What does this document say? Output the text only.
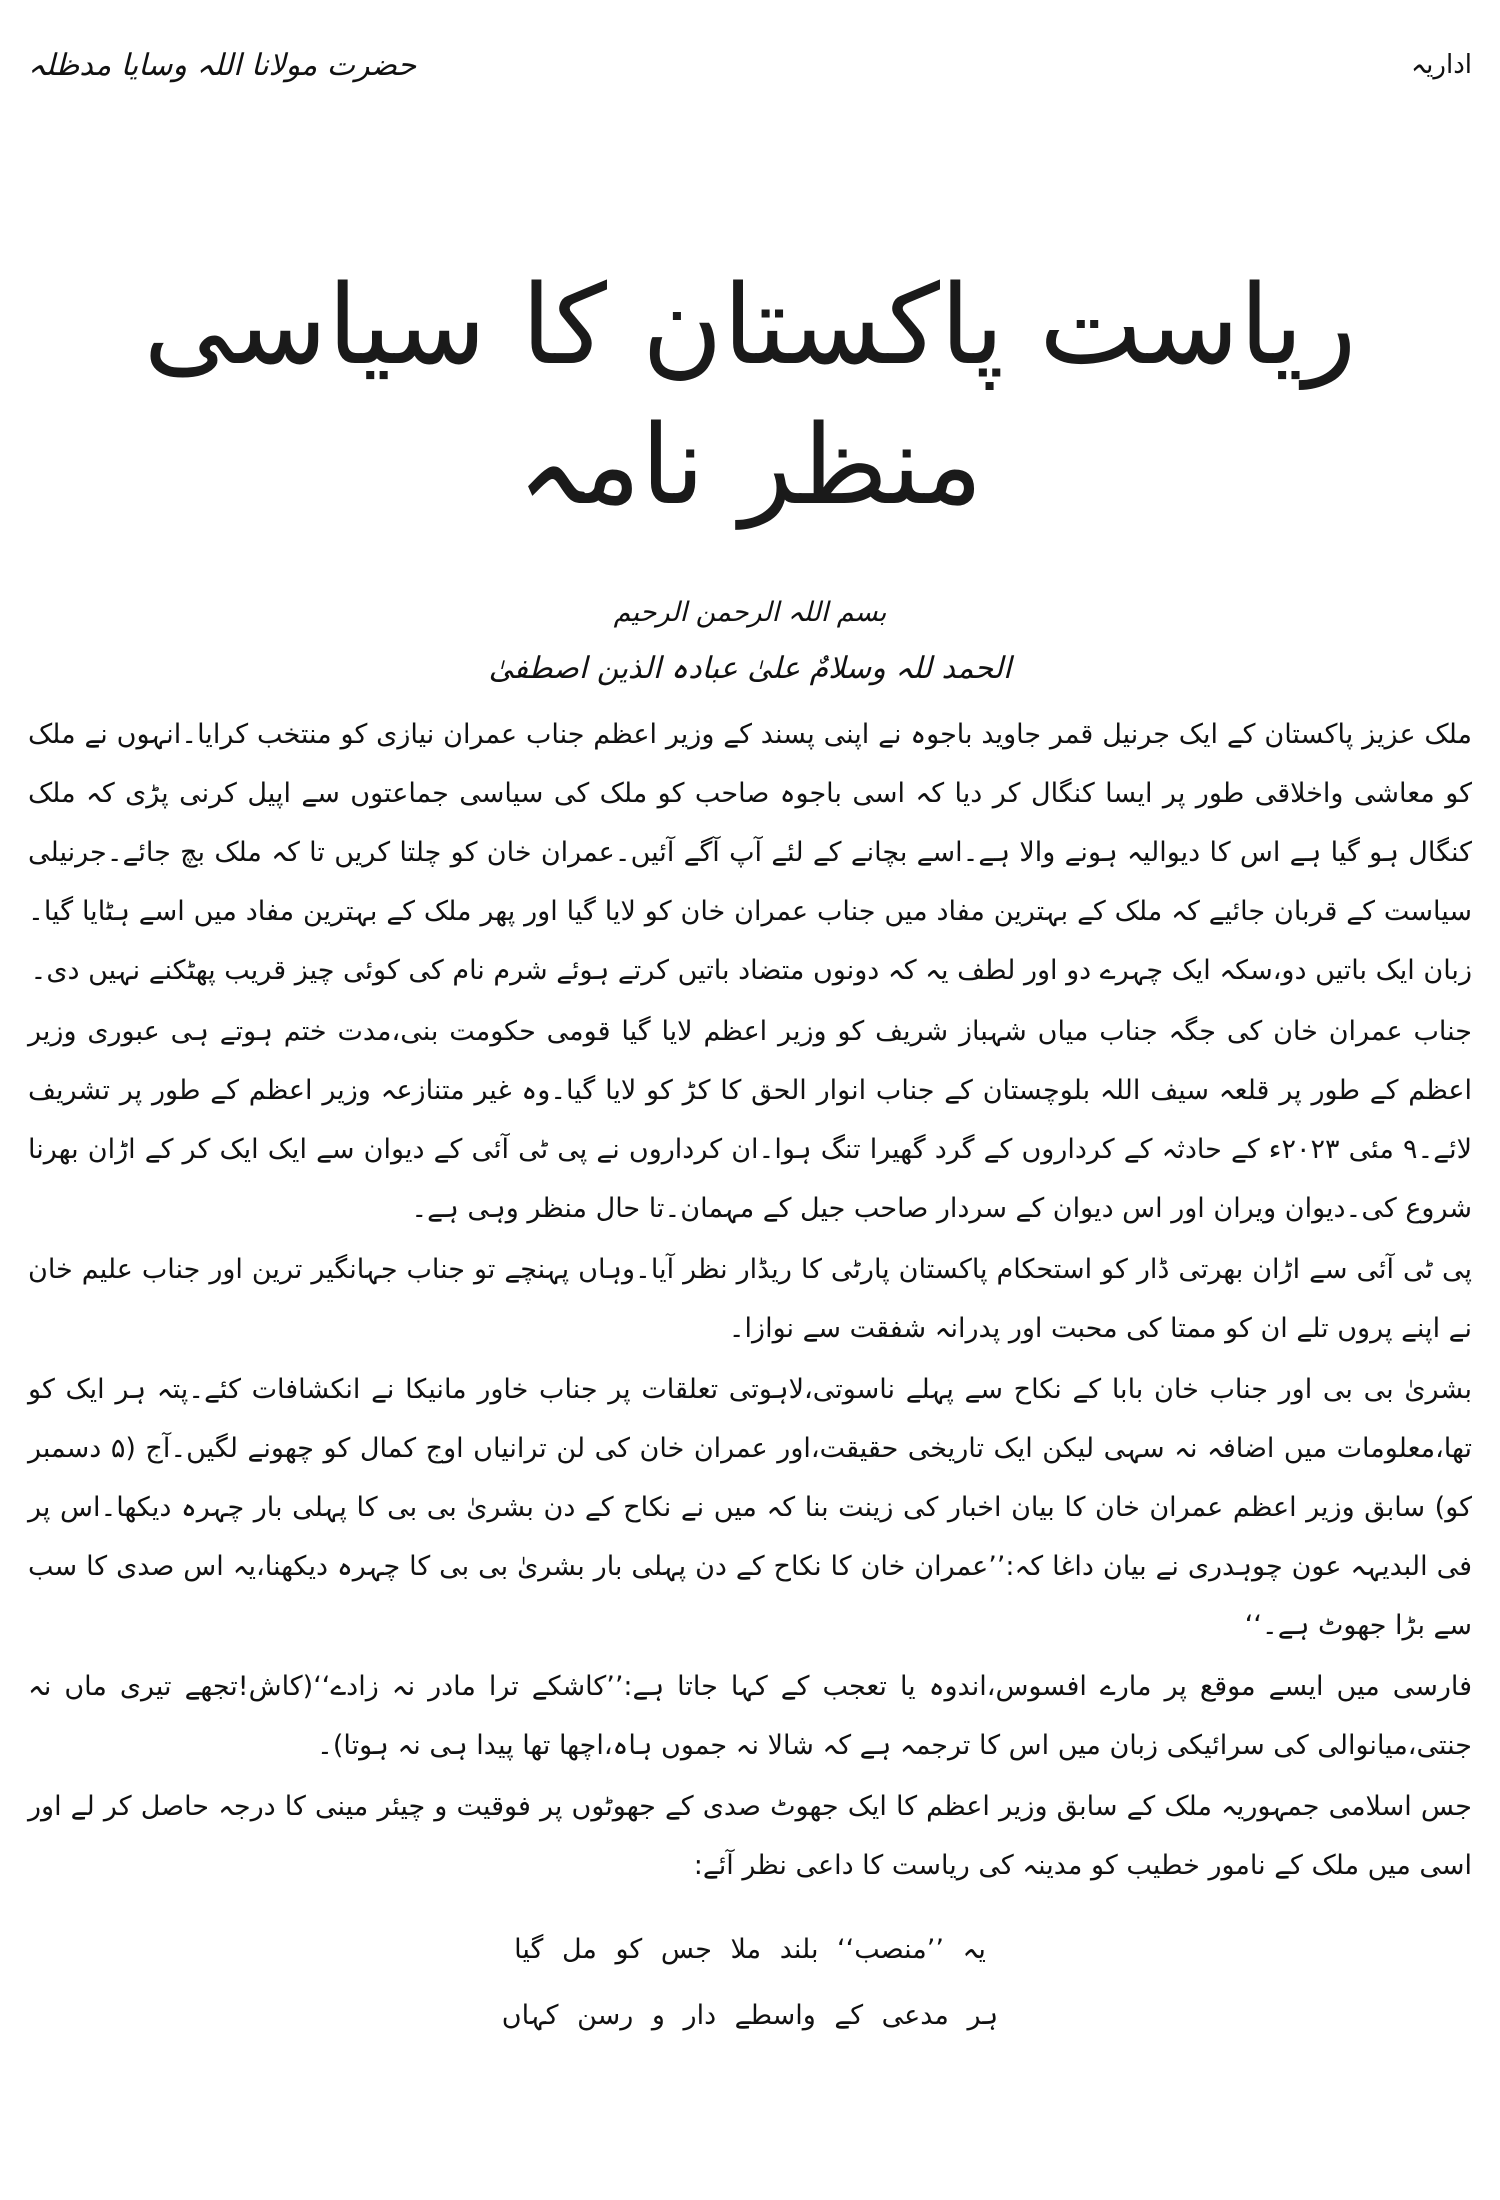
حضرت مولانا اللہ وسایا مدظلہ	اداریہ
ریاست پاکستان کا سیاسی منظر نامہ
بسم اللہ الرحمن الرحیم
الحمد للہ وسلامٌ علیٰ عبادہ الذین اصطفیٰ

ملک عزیز پاکستان کے ایک جرنیل قمر جاوید باجوہ نے اپنی پسند کے وزیر اعظم جناب عمران نیازی کو منتخب کرایا۔انہوں نے ملک کو معاشی واخلاقی طور پر ایسا کنگال کر دیا کہ اسی باجوہ صاحب کو ملک کی سیاسی جماعتوں سے اپیل کرنی پڑی کہ ملک کنگال ہو گیا ہے اس کا دیوالیہ ہونے والا ہے۔اسے بچانے کے لئے آپ آگے آئیں۔عمران خان کو چلتا کریں تا کہ ملک بچ جائے۔جرنیلی سیاست کے قربان جائیے کہ ملک کے بہترین مفاد میں جناب عمران خان کو لایا گیا اور پھر ملک کے بہترین مفاد میں اسے ہٹایا گیا۔زبان ایک باتیں دو،سکہ ایک چہرے دو اور لطف یہ کہ دونوں متضاد باتیں کرتے ہوئے شرم نام کی کوئی چیز قریب پھٹکنے نہیں دی۔

جناب عمران خان کی جگہ جناب میاں شہباز شریف کو وزیر اعظم لایا گیا قومی حکومت بنی،مدت ختم ہوتے ہی عبوری وزیر اعظم کے طور پر قلعہ سیف اللہ بلوچستان کے جناب انوار الحق کا کڑ کو لایا گیا۔وہ غیر متنازعہ وزیر اعظم کے طور پر تشریف لائے۔۹ مئی ۲۰۲۳ء کے حادثہ کے کرداروں کے گرد گھیرا تنگ ہوا۔ان کرداروں نے پی ٹی آئی کے دیوان سے ایک ایک کر کے اڑان بھرنا شروع کی۔دیوان ویران اور اس دیوان کے سردار صاحب جیل کے مہمان۔تا حال منظر وہی ہے۔

پی ٹی آئی سے اڑان بھرتی ڈار کو استحکام پاکستان پارٹی کا ریڈار نظر آیا۔وہاں پہنچے تو جناب جہانگیر ترین اور جناب علیم خان نے اپنے پروں تلے ان کو ممتا کی محبت اور پدرانہ شفقت سے نوازا۔

بشریٰ بی بی اور جناب خان بابا کے نکاح سے پہلے ناسوتی،لاہوتی تعلقات پر جناب خاور مانیکا نے انکشافات کئے۔پتہ ہر ایک کو تھا،معلومات میں اضافہ نہ سہی لیکن ایک تاریخی حقیقت،اور عمران خان کی لن ترانیاں اوج کمال کو چھونے لگیں۔آج (۵ دسمبر کو) سابق وزیر اعظم عمران خان کا بیان اخبار کی زینت بنا کہ میں نے نکاح کے دن بشریٰ بی بی کا پہلی بار چہرہ دیکھا۔اس پر فی البدیہہ عون چوہدری نے بیان داغا کہ:’’عمران خان کا نکاح کے دن پہلی بار بشریٰ بی بی کا چہرہ دیکھنا،یہ اس صدی کا سب سے بڑا جھوٹ ہے۔‘‘

فارسی میں ایسے موقع پر مارے افسوس،اندوہ یا تعجب کے کہا جاتا ہے:’’کاشکے ترا مادر نہ زادے‘‘(کاش!تجھے تیری ماں نہ جنتی،میانوالی کی سرائیکی زبان میں اس کا ترجمہ ہے کہ شالا نہ جموں ہاہ،اچھا تھا پیدا ہی نہ ہوتا)۔

جس اسلامی جمہوریہ ملک کے سابق وزیر اعظم کا ایک جھوٹ صدی کے جھوٹوں پر فوقیت و چیئر مینی کا درجہ حاصل کر لے اور اسی میں ملک کے نامور خطیب کو مدینہ کی ریاست کا داعی نظر آئے:

یہ ’’منصب‘‘ بلند ملا جس کو مل گیا
ہر مدعی کے واسطے دار و رسن کہاں
